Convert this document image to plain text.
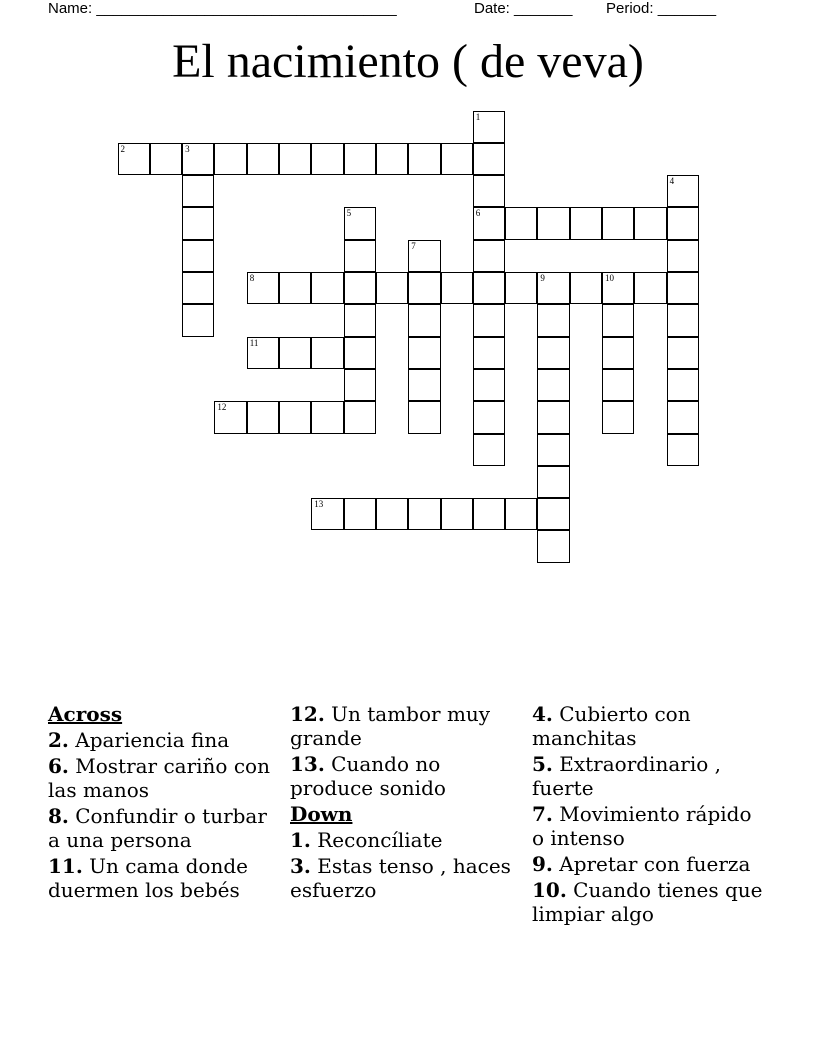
Name: ____________________________________	Date: _______ Period: _______
El nacimiento ( de veva)
1
6
2	3
4
5
7
8	9	10
11
12
13
Across
2. Apariencia fina
6. Mostrar cariño con las manos
8. Confundir o turbar a una persona
11. Un cama donde duermen los bebés
12. Un tambor muy grande
13. Cuando no produce sonido
Down
1. Reconcíliate
3. Estas tenso , haces esfuerzo
4. Cubierto con manchitas
5. Extraordinario , fuerte
7. Movimiento rápido o intenso
9. Apretar con fuerza
10. Cuando tienes que limpiar algo
